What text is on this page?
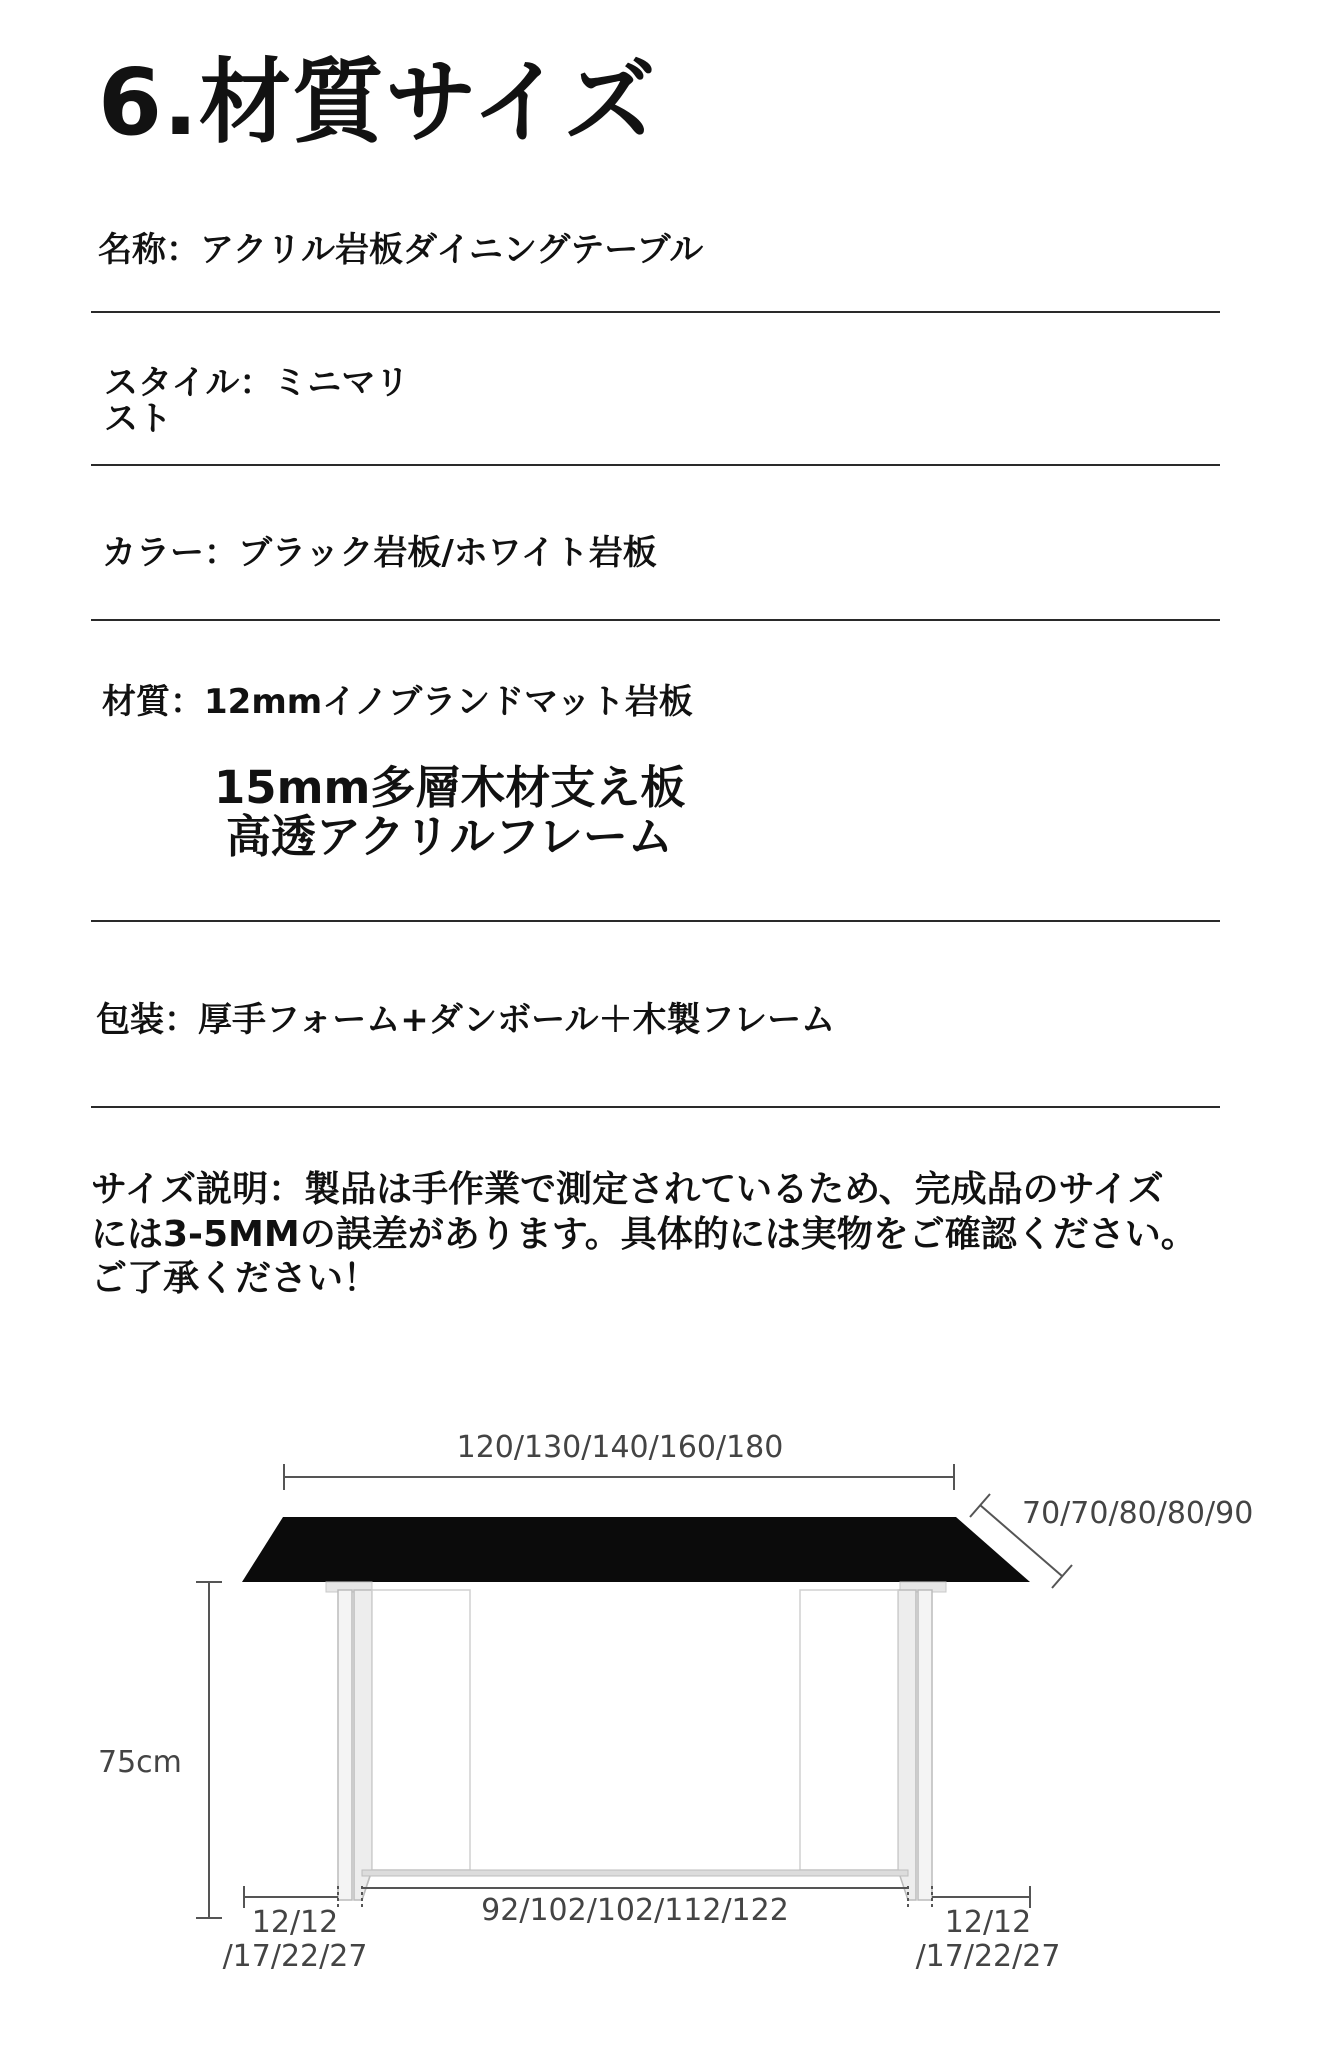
6.材質サイズ
名称：アクリル岩板ダイニングテーブル
スタイル：ミニマリスト
カラー：ブラック岩板/ホワイト岩板
材質：12mmイノブランドマット岩板
15mm多層木材支え板
高透アクリルフレーム
包装：厚手フォーム+ダンボール＋木製フレーム
サイズ説明：製品は手作業で測定されているため、完成品のサイズ
には3-5MMの誤差があります。具体的には実物をご確認ください。
ご了承ください！
120/130/140/160/180
70/70/80/80/90
75cm
92/102/102/112/122
12/12
/17/22/27
12/12
/17/22/27
